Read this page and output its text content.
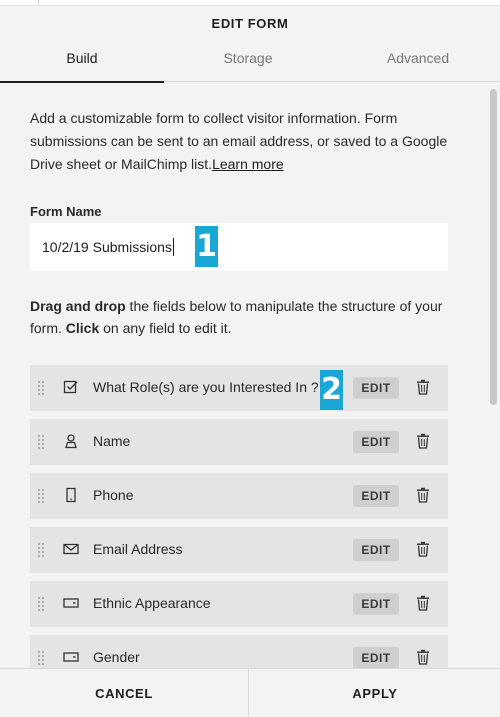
EDIT FORM
Build	Storage	Advanced
Add a customizable form to collect visitor information. Form submissions can be sent to an email address, or saved to a Google Drive sheet or MailChimp list.Learn more
Form Name
10/2/19 Submissions 1
Drag and drop the fields below to manipulate the structure of your form. Click on any field to edit it.
What Role(s) are you Interested In ?	EDIT
Name	EDIT
Phone	EDIT
Email Address	EDIT
Ethnic Appearance	EDIT
Gender	EDIT
2
CANCEL	APPLY
